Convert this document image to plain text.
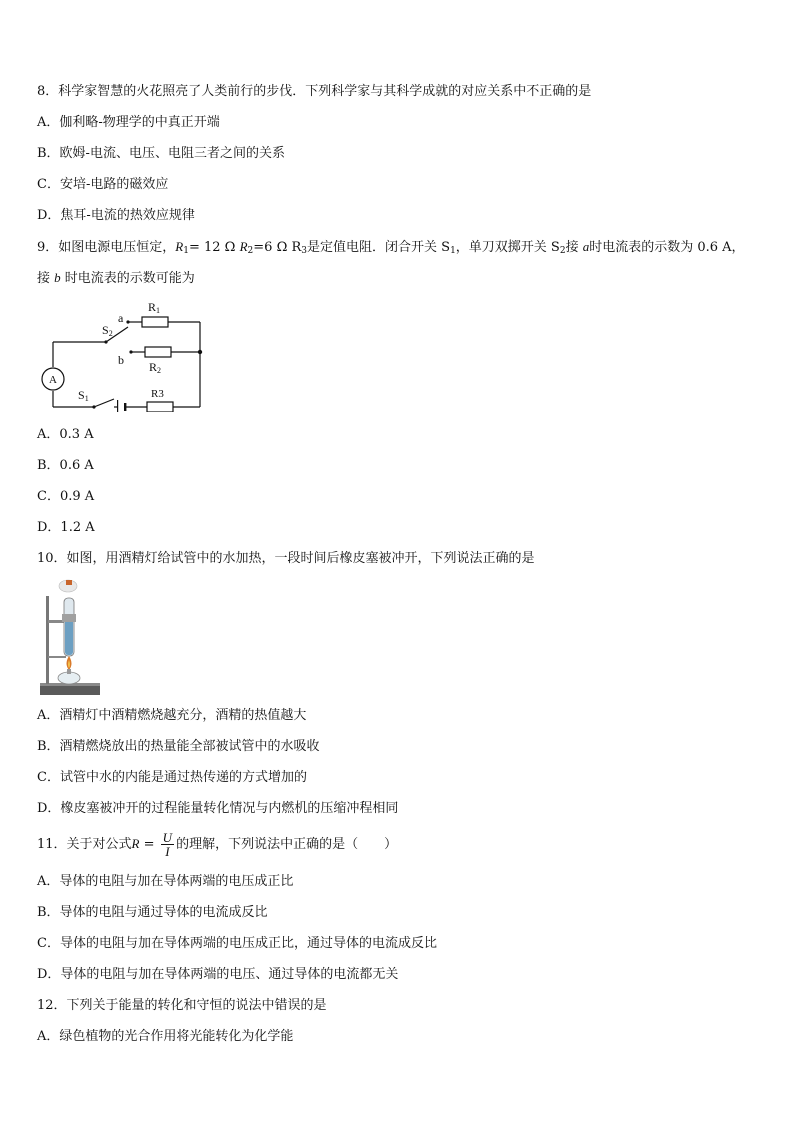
8．科学家智慧的火花照亮了人类前行的步伐．下列科学家与其科学成就的对应关系中不正确的是
A．伽利略-物理学的中真正开端
B．欧姆-电流、电压、电阻三者之间的关系
C．安培-电路的磁效应
D．焦耳-电流的热效应规律
9．如图电源电压恒定，$R_1= 12$ Ω $R_2=6$ Ω $R_3$是定值电阻．闭合开关 $S_1$，单刀双掷开关 $S_2$接 a时电流表的示数为 0.6 A，
接 b 时电流表的示数可能为
R1
a
S2
b R2
A
S1	R3
A．0.3 A
B．0.6 A
C．0.9 A
D．1.2 A
10．如图，用酒精灯给试管中的水加热，一段时间后橡皮塞被冲开，下列说法正确的是
A．酒精灯中酒精燃烧越充分，酒精的热值越大
B．酒精燃烧放出的热量能全部被试管中的水吸收
C．试管中水的内能是通过热传递的方式增加的
D．橡皮塞被冲开的过程能量转化情况与内燃机的压缩冲程相同
11．关于对公式$R = \frac{U}{I}$ 的理解，下列说法中正确的是（　　）
A．导体的电阻与加在导体两端的电压成正比
B．导体的电阻与通过导体的电流成反比
C．导体的电阻与加在导体两端的电压成正比，通过导体的电流成反比
D．导体的电阻与加在导体两端的电压、通过导体的电流都无关
12．下列关于能量的转化和守恒的说法中错误的是
A．绿色植物的光合作用将光能转化为化学能
